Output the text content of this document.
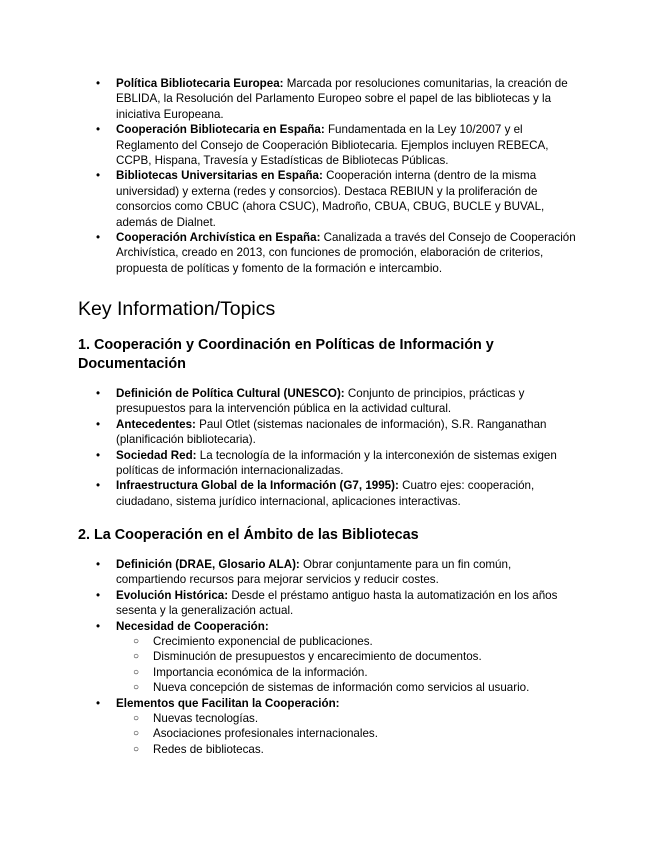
• Política Bibliotecaria Europea: Marcada por resoluciones comunitarias, la creación de EBLIDA, la Resolución del Parlamento Europeo sobre el papel de las bibliotecas y la iniciativa Europeana.
• Cooperación Bibliotecaria en España: Fundamentada en la Ley 10/2007 y el Reglamento del Consejo de Cooperación Bibliotecaria. Ejemplos incluyen REBECA, CCPB, Hispana, Travesía y Estadísticas de Bibliotecas Públicas.
• Bibliotecas Universitarias en España: Cooperación interna (dentro de la misma universidad) y externa (redes y consorcios). Destaca REBIUN y la proliferación de consorcios como CBUC (ahora CSUC), Madroño, CBUA, CBUG, BUCLE y BUVAL, además de Dialnet.
• Cooperación Archivística en España: Canalizada a través del Consejo de Cooperación Archivística, creado en 2013, con funciones de promoción, elaboración de criterios, propuesta de políticas y fomento de la formación e intercambio.
Key Information/Topics
1. Cooperación y Coordinación en Políticas de Información y Documentación
• Definición de Política Cultural (UNESCO): Conjunto de principios, prácticas y presupuestos para la intervención pública en la actividad cultural.
• Antecedentes: Paul Otlet (sistemas nacionales de información), S.R. Ranganathan (planificación bibliotecaria).
• Sociedad Red: La tecnología de la información y la interconexión de sistemas exigen políticas de información internacionalizadas.
• Infraestructura Global de la Información (G7, 1995): Cuatro ejes: cooperación, ciudadano, sistema jurídico internacional, aplicaciones interactivas.
2. La Cooperación en el Ámbito de las Bibliotecas
• Definición (DRAE, Glosario ALA): Obrar conjuntamente para un fin común, compartiendo recursos para mejorar servicios y reducir costes.
• Evolución Histórica: Desde el préstamo antiguo hasta la automatización en los años sesenta y la generalización actual.
• Necesidad de Cooperación:
○ Crecimiento exponencial de publicaciones.
○ Disminución de presupuestos y encarecimiento de documentos.
○ Importancia económica de la información.
○ Nueva concepción de sistemas de información como servicios al usuario.
• Elementos que Facilitan la Cooperación:
○ Nuevas tecnologías.
○ Asociaciones profesionales internacionales.
○ Redes de bibliotecas.
